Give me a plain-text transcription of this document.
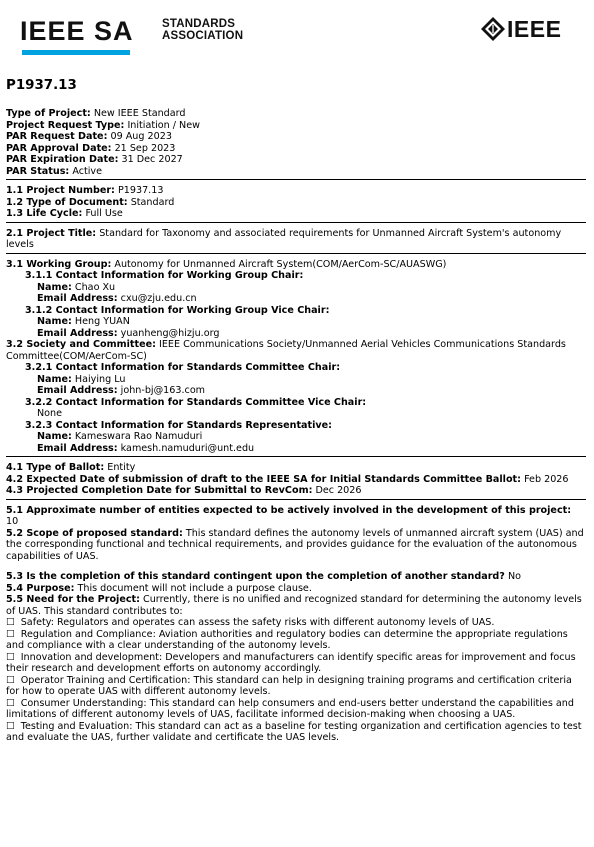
IEEE SA STANDARDS
ASSOCIATION	IEEE
P1937.13
Type of Project: New IEEE Standard
Project Request Type: Initiation / New
PAR Request Date: 09 Aug 2023
PAR Approval Date: 21 Sep 2023
PAR Expiration Date: 31 Dec 2027
PAR Status: Active
1.1 Project Number: P1937.13
1.2 Type of Document: Standard
1.3 Life Cycle: Full Use
2.1 Project Title: Standard for Taxonomy and associated requirements for Unmanned Aircraft System's autonomy levels
3.1 Working Group: Autonomy for Unmanned Aircraft System(COM/AerCom-SC/AUASWG)
3.1.1 Contact Information for Working Group Chair:
Name: Chao Xu
Email Address: cxu@zju.edu.cn
3.1.2 Contact Information for Working Group Vice Chair:
Name: Heng YUAN
Email Address: yuanheng@hizju.org
3.2 Society and Committee: IEEE Communications Society/Unmanned Aerial Vehicles Communications Standards Committee(COM/AerCom-SC)
3.2.1 Contact Information for Standards Committee Chair:
Name: Haiying Lu
Email Address: john-bj@163.com
3.2.2 Contact Information for Standards Committee Vice Chair:
None
3.2.3 Contact Information for Standards Representative:
Name: Kameswara Rao Namuduri
Email Address: kamesh.namuduri@unt.edu
4.1 Type of Ballot: Entity
4.2 Expected Date of submission of draft to the IEEE SA for Initial Standards Committee Ballot: Feb 2026
4.3 Projected Completion Date for Submittal to RevCom: Dec 2026
5.1 Approximate number of entities expected to be actively involved in the development of this project: 10
5.2 Scope of proposed standard: This standard defines the autonomy levels of unmanned aircraft system (UAS) and the corresponding functional and technical requirements, and provides guidance for the evaluation of the autonomous capabilities of UAS.
5.3 Is the completion of this standard contingent upon the completion of another standard? No
5.4 Purpose: This document will not include a purpose clause.
5.5 Need for the Project: Currently, there is no unified and recognized standard for determining the autonomy levels of UAS. This standard contributes to:
☐ Safety: Regulators and operates can assess the safety risks with different autonomy levels of UAS.
☐ Regulation and Compliance: Aviation authorities and regulatory bodies can determine the appropriate regulations and compliance with a clear understanding of the autonomy levels.
☐ Innovation and development: Developers and manufacturers can identify specific areas for improvement and focus their research and development efforts on autonomy accordingly.
☐ Operator Training and Certification: This standard can help in designing training programs and certification criteria for how to operate UAS with different autonomy levels.
☐ Consumer Understanding: This standard can help consumers and end-users better understand the capabilities and limitations of different autonomy levels of UAS, facilitate informed decision-making when choosing a UAS.
☐ Testing and Evaluation: This standard can act as a baseline for testing organization and certification agencies to test and evaluate the UAS, further validate and certificate the UAS levels.
